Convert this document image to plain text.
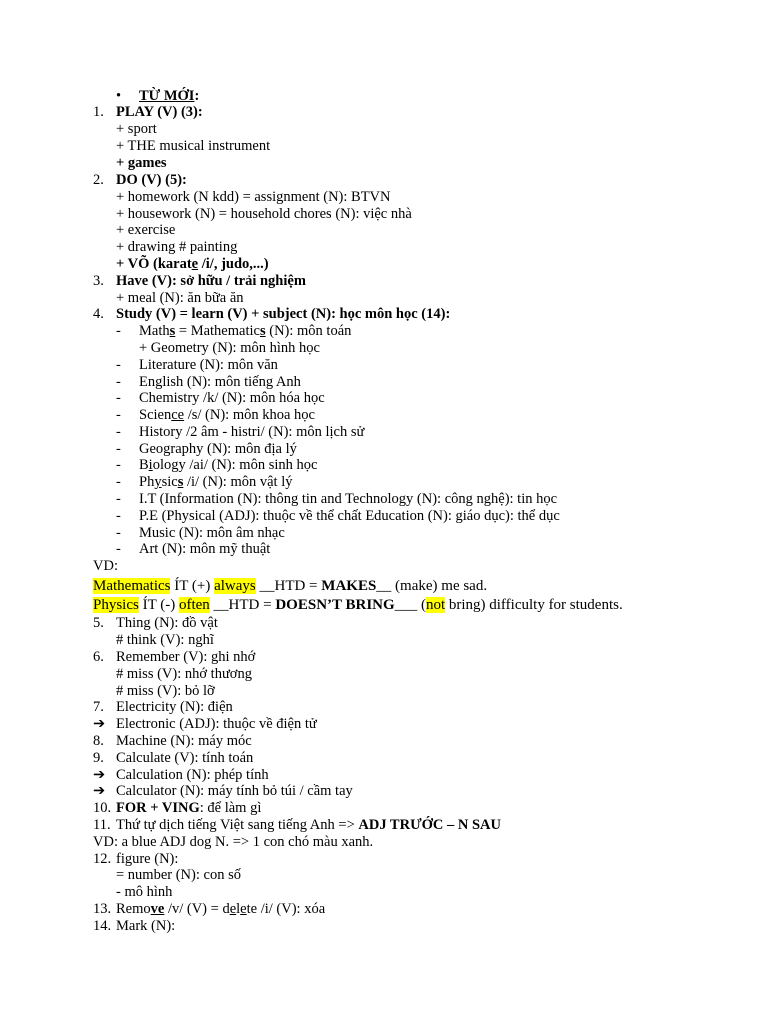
• TỪ MỚI:
1. PLAY (V) (3):
+ sport
+ THE musical instrument
+ games
2. DO (V) (5):
+ homework (N kdd) = assignment (N): BTVN
+ housework (N) = household chores (N): việc nhà
+ exercise
+ drawing # painting
+ VÕ (karate /i/, judo,...)
3. Have (V): sở hữu / trải nghiệm
+ meal (N): ăn bữa ăn
4. Study (V) = learn (V) + subject (N): học môn học (14):
- Maths = Mathematics (N): môn toán
+ Geometry (N): môn hình học
- Literature (N): môn văn
- English (N): môn tiếng Anh
- Chemistry /k/ (N): môn hóa học
- Science /s/ (N): môn khoa học
- History /2 âm - histri/ (N): môn lịch sử
- Geography (N): môn địa lý
- Biology /ai/ (N): môn sinh học
- Physics /i/ (N): môn vật lý
- I.T (Information (N): thông tin and Technology (N): công nghệ): tin học
- P.E (Physical (ADJ): thuộc về thể chất Education (N): giáo dục): thể dục
- Music (N): môn âm nhạc
- Art (N): môn mỹ thuật
VD:
Mathematics ÍT (+) always __HTD = MAKES__ (make) me sad.
Physics ÍT (-) often __HTD = DOESN’T BRING___ (not bring) difficulty for students.
5. Thing (N): đồ vật
# think (V): nghĩ
6. Remember (V): ghi nhớ
# miss (V): nhớ thương
# miss (V): bỏ lỡ
7. Electricity (N): điện
➔ Electronic (ADJ): thuộc về điện tử
8. Machine (N): máy móc
9. Calculate (V): tính toán
➔ Calculation (N): phép tính
➔ Calculator (N): máy tính bỏ túi / cầm tay
10. FOR + VING: để làm gì
11. Thứ tự dịch tiếng Việt sang tiếng Anh => ADJ TRƯỚC – N SAU
VD: a blue ADJ dog N. => 1 con chó màu xanh.
12. figure (N):
= number (N): con số
- mô hình
13. Remove /v/ (V) = delete /i/ (V): xóa
14. Mark (N):
